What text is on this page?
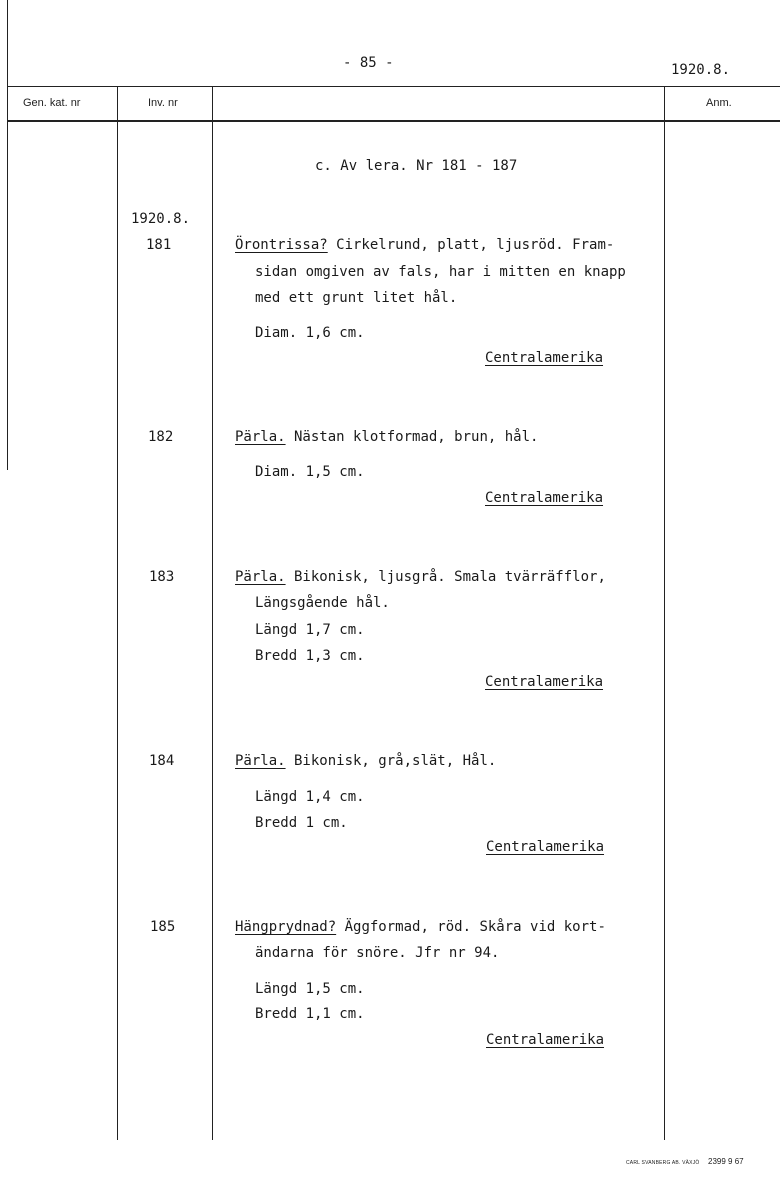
- 85 -	1920.8.
Gen. kat. nr	Inv. nr	Anm.
c. Av lera. Nr 181 - 187
1920.8.
181	Örontrissa? Cirkelrund, platt, ljusröd. Fram-
sidan omgiven av fals, har i mitten en knapp
med ett grunt litet hål.
Diam. 1,6 cm.
Centralamerika
182	Pärla. Nästan klotformad, brun, hål.
Diam. 1,5 cm.
Centralamerika
183	Pärla. Bikonisk, ljusgrå. Smala tvärräfflor,
Längsgående hål.
Längd 1,7 cm.
Bredd 1,3 cm.
Centralamerika
184	Pärla. Bikonisk, grå,slät, Hål.
Längd 1,4 cm.
Bredd 1 cm.
Centralamerika
185	Hängprydnad? Äggformad, röd. Skåra vid kort-
ändarna för snöre. Jfr nr 94.
Längd 1,5 cm.
Bredd 1,1 cm.
Centralamerika
CARL SVANBERG AB. VÄXJÖ 2399 9 67
